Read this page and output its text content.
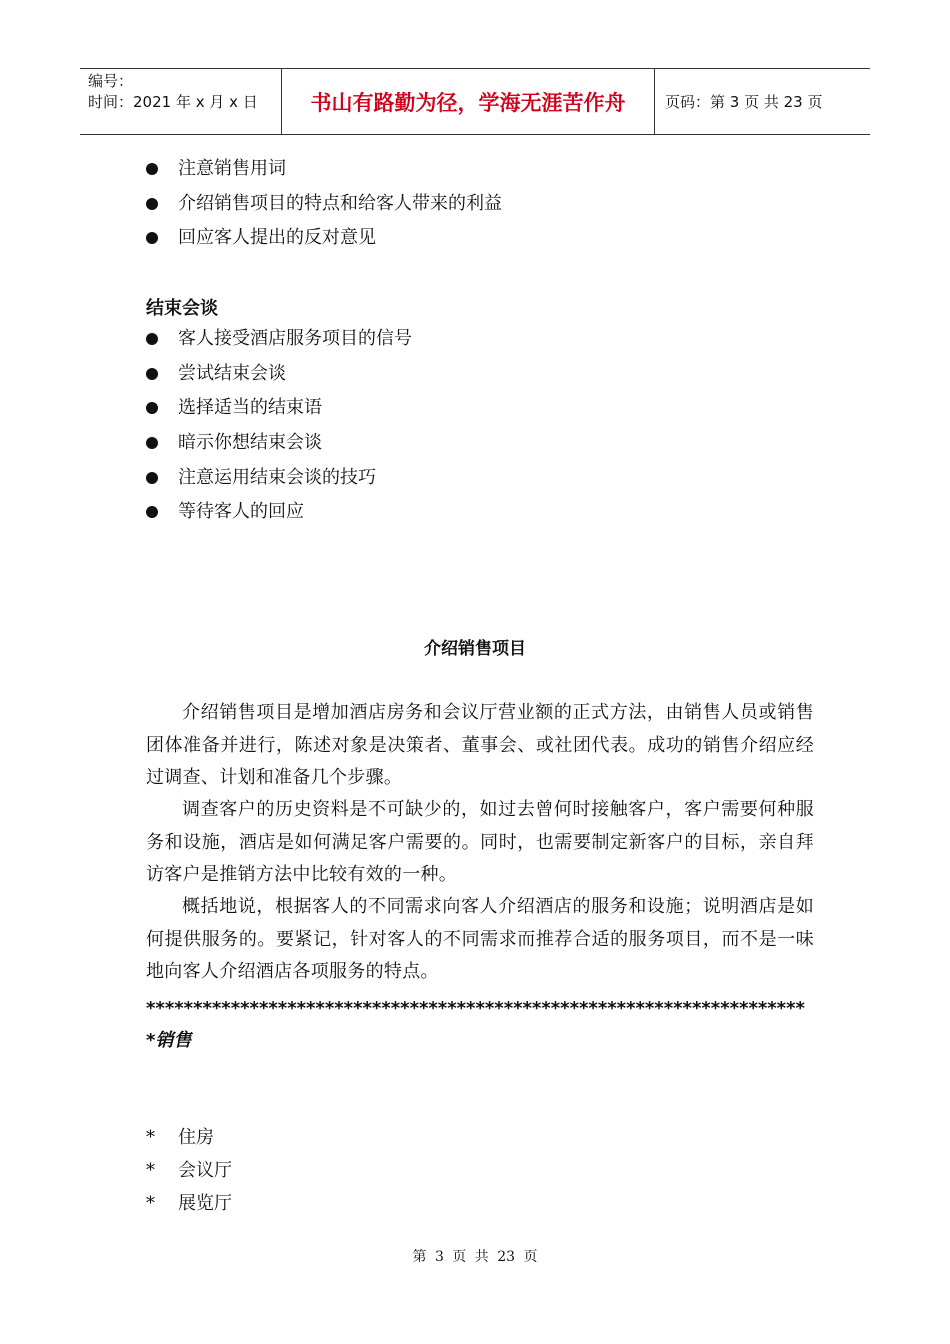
编号：
时间：2021 年 x 月 x 日	书山有路勤为径，学海无涯苦作舟	页码：第 3 页 共 23 页
注意销售用词
介绍销售项目的特点和给客人带来的利益
回应客人提出的反对意见
结束会谈
客人接受酒店服务项目的信号
尝试结束会谈
选择适当的结束语
暗示你想结束会谈
注意运用结束会谈的技巧
等待客人的回应
介绍销售项目

介绍销售项目是增加酒店房务和会议厅营业额的正式方法，由销售人员或销售团体准备并进行，陈述对象是决策者、董事会、或社团代表。成功的销售介绍应经过调查、计划和准备几个步骤。

调查客户的历史资料是不可缺少的，如过去曾何时接触客户，客户需要何种服务和设施，酒店是如何满足客户需要的。同时，也需要制定新客户的目标，亲自拜访客户是推销方法中比较有效的一种。

概括地说，根据客人的不同需求向客人介绍酒店的服务和设施；说明酒店是如何提供服务的。要紧记，针对客人的不同需求而推荐合适的服务项目，而不是一味地向客人介绍酒店各项服务的特点。

***********************************************************************销售
* 住房
* 会议厅
* 展览厅
第 3 页 共 23 页
